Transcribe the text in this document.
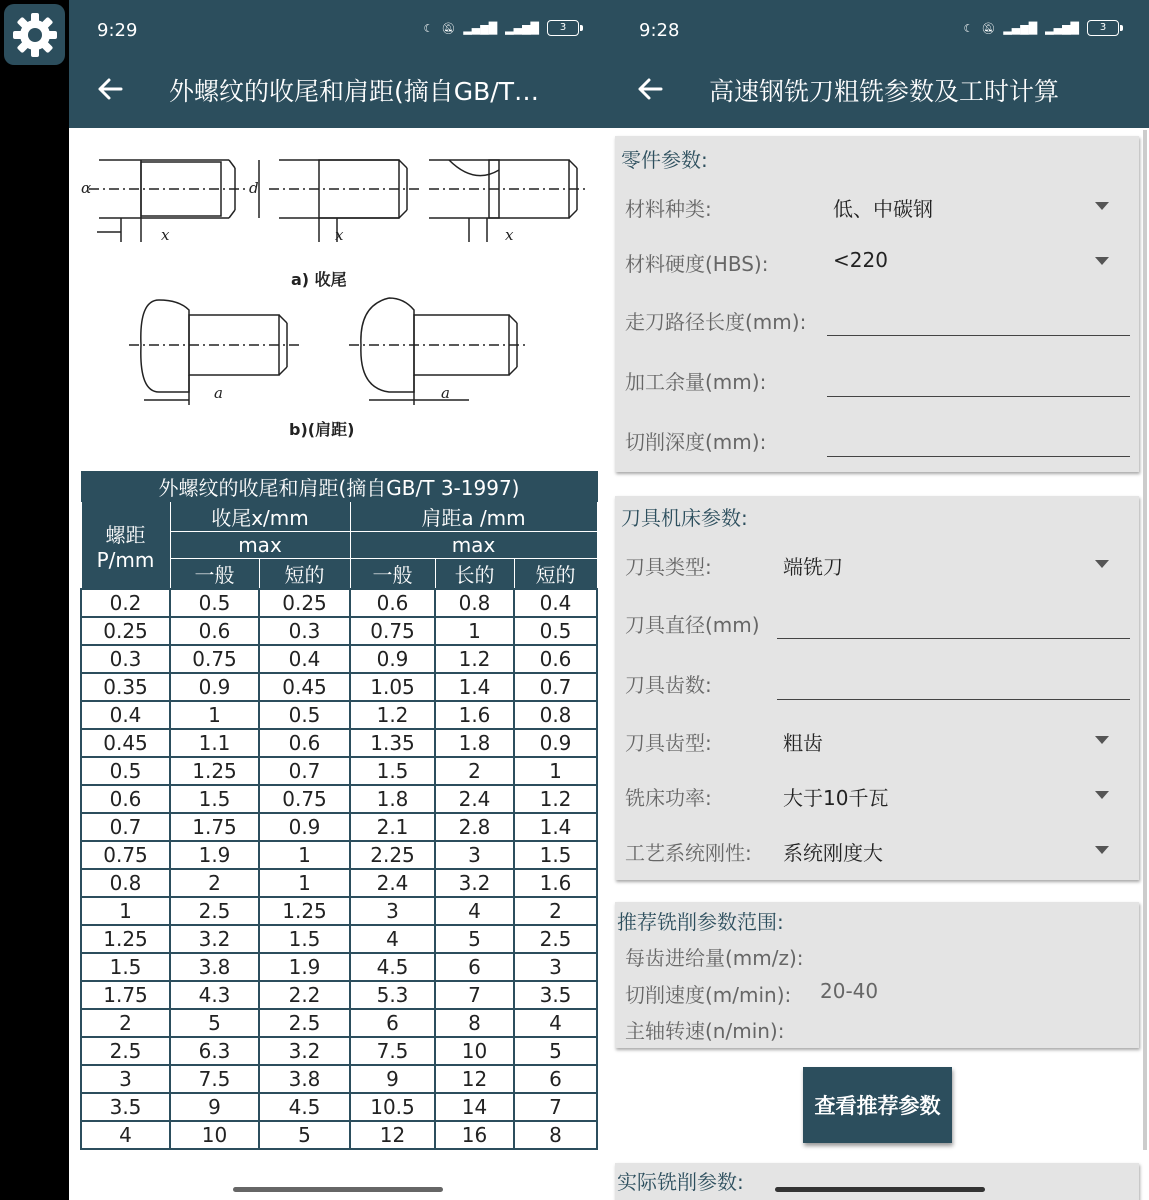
9:29	☾ 🔕︎ ▂▄▆█ ▂▄▆█	3
外螺纹的收尾和肩距(摘自GB/T…
α	d
x	x	x
a	a
a) 收尾
b)(肩距)
外螺纹的收尾和肩距(摘自GB/T 3-1997)					
螺距P/mm	收尾x/mm		肩距a /mm		
	max		max		
	一般	短的	一般	长的	短的
0.2	0.5	0.25	0.6	0.8	0.4
0.25	0.6	0.3	0.75	1	0.5
0.3	0.75	0.4	0.9	1.2	0.6
0.35	0.9	0.45	1.05	1.4	0.7
0.4	1	0.5	1.2	1.6	0.8
0.45	1.1	0.6	1.35	1.8	0.9
0.5	1.25	0.7	1.5	2	1
0.6	1.5	0.75	1.8	2.4	1.2
0.7	1.75	0.9	2.1	2.8	1.4
0.75	1.9	1	2.25	3	1.5
0.8	2	1	2.4	3.2	1.6
1	2.5	1.25	3	4	2
1.25	3.2	1.5	4	5	2.5
1.5	3.8	1.9	4.5	6	3
1.75	4.3	2.2	5.3	7	3.5
2	5	2.5	6	8	4
2.5	6.3	3.2	7.5	10	5
3	7.5	3.8	9	12	6
3.5	9	4.5	10.5	14	7
4	10	5	12	16	8
9:28	☾ 🔕︎ ▂▄▆█ ▂▄▆█	3
高速钢铣刀粗铣参数及工时计算
零件参数:
材料种类:	低、中碳钢
材料硬度(HBS):	<220
走刀路径长度(mm):
加工余量(mm):
切削深度(mm):
刀具机床参数:
刀具类型:	端铣刀
刀具直径(mm)
刀具齿数:
刀具齿型:	粗齿
铣床功率:	大于10千瓦
工艺系统刚性: 系统刚度大
推荐铣削参数范围:
每齿进给量(mm/z):
切削速度(m/min): 20-40
主轴转速(n/min):
查看推荐参数
实际铣削参数:
